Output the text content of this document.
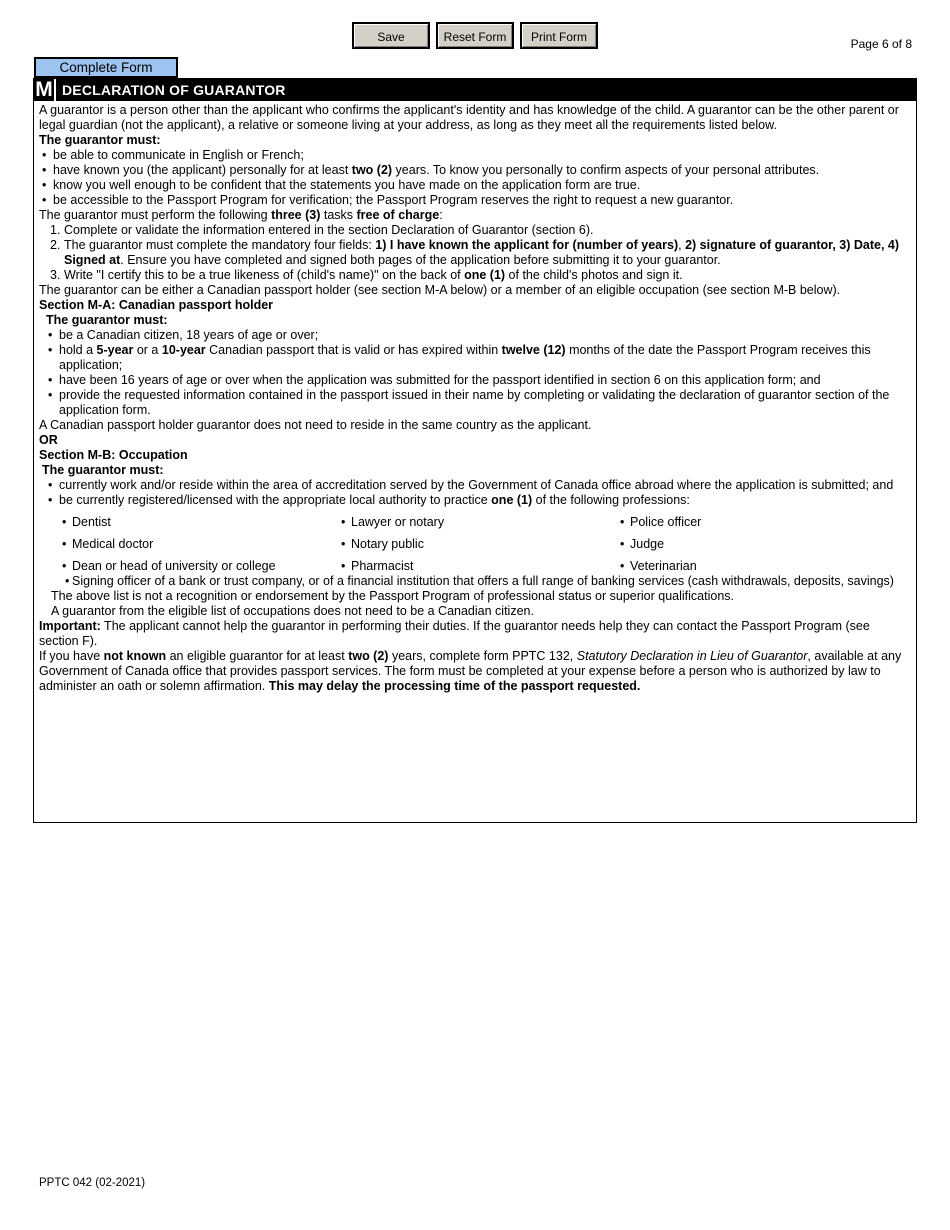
Save	Reset Form	Print Form	Page 6 of 8
Complete Form
M DECLARATION OF GUARANTOR

A guarantor is a person other than the applicant who confirms the applicant's identity and has knowledge of the child. A guarantor can be the other parent or legal guardian (not the applicant), a relative or someone living at your address, as long as they meet all the requirements listed below.

The guarantor must:

• be able to communicate in English or French;

• have known you (the applicant) personally for at least two (2) years. To know you personally to confirm aspects of your personal attributes.

• know you well enough to be confident that the statements you have made on the application form are true.

• be accessible to the Passport Program for verification; the Passport Program reserves the right to request a new guarantor.

The guarantor must perform the following three (3) tasks free of charge:

1. Complete or validate the information entered in the section Declaration of Guarantor (section 6).

2. The guarantor must complete the mandatory four fields: 1) I have known the applicant for (number of years), 2) signature of guarantor, 3) Date, 4) Signed at. Ensure you have completed and signed both pages of the application before submitting it to your guarantor.

3. Write "I certify this to be a true likeness of (child's name)" on the back of one (1) of the child's photos and sign it.

The guarantor can be either a Canadian passport holder (see section M-A below) or a member of an eligible occupation (see section M-B below).

Section M-A: Canadian passport holder

The guarantor must:

• be a Canadian citizen, 18 years of age or over;

• hold a 5-year or a 10-year Canadian passport that is valid or has expired within twelve (12) months of the date the Passport Program receives this application;

• have been 16 years of age or over when the application was submitted for the passport identified in section 6 on this application form; and

• provide the requested information contained in the passport issued in their name by completing or validating the declaration of guarantor section of the application form.

A Canadian passport holder guarantor does not need to reside in the same country as the applicant.

OR

Section M-B: Occupation

The guarantor must:

• currently work and/or reside within the area of accreditation served by the Government of Canada office abroad where the application is submitted; and

• be currently registered/licensed with the appropriate local authority to practice one (1) of the following professions:

• Dentist	• Lawyer or notary	• Police officer

• Medical doctor	• Notary public	• Judge

• Dean or head of university or college	• Pharmacist	• Veterinarian

• Signing officer of a bank or trust company, or of a financial institution that offers a full range of banking services (cash withdrawals, deposits, savings)

The above list is not a recognition or endorsement by the Passport Program of professional status or superior qualifications.

A guarantor from the eligible list of occupations does not need to be a Canadian citizen.

Important: The applicant cannot help the guarantor in performing their duties. If the guarantor needs help they can contact the Passport Program (see section F).

If you have not known an eligible guarantor for at least two (2) years, complete form PPTC 132, Statutory Declaration in Lieu of Guarantor, available at any Government of Canada office that provides passport services. The form must be completed at your expense before a person who is authorized by law to administer an oath or solemn affirmation. This may delay the processing time of the passport requested.

PPTC 042 (02-2021)
